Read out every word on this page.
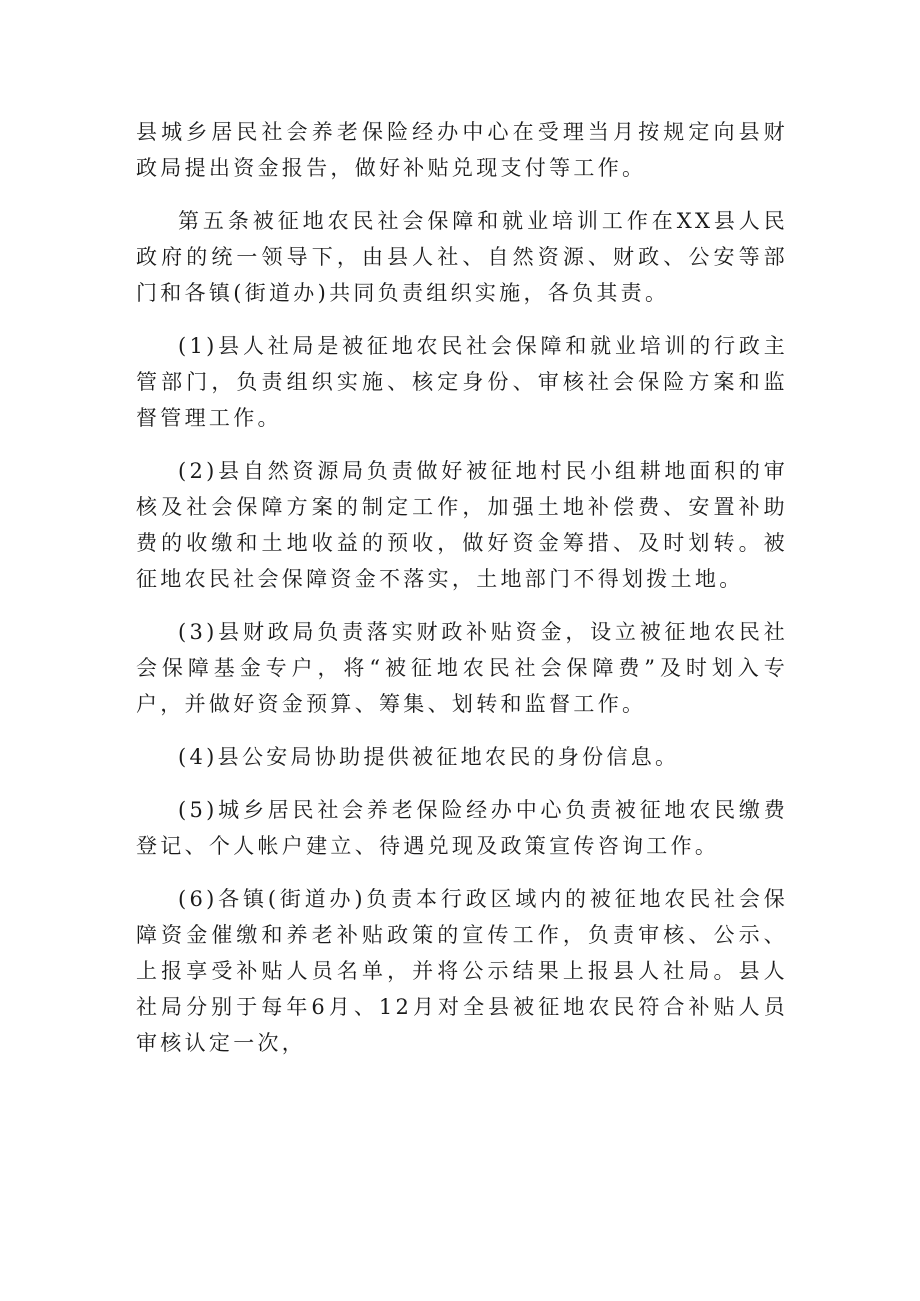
县城乡居民社会养老保险经办中心在受理当月按规定向县财政局提出资金报告，做好补贴兑现支付等工作。

第五条被征地农民社会保障和就业培训工作在XX县人民政府的统一领导下，由县人社、自然资源、财政、公安等部门和各镇(街道办)共同负责组织实施，各负其责。

(1)县人社局是被征地农民社会保障和就业培训的行政主管部门，负责组织实施、核定身份、审核社会保险方案和监督管理工作。

(2)县自然资源局负责做好被征地村民小组耕地面积的审核及社会保障方案的制定工作，加强土地补偿费、安置补助费的收缴和土地收益的预收，做好资金筹措、及时划转。被征地农民社会保障资金不落实，土地部门不得划拨土地。

(3)县财政局负责落实财政补贴资金，设立被征地农民社会保障基金专户，将“被征地农民社会保障费”及时划入专户，并做好资金预算、筹集、划转和监督工作。

(4)县公安局协助提供被征地农民的身份信息。

(5)城乡居民社会养老保险经办中心负责被征地农民缴费登记、个人帐户建立、待遇兑现及政策宣传咨询工作。

(6)各镇(街道办)负责本行政区域内的被征地农民社会保障资金催缴和养老补贴政策的宣传工作，负责审核、公示、上报享受补贴人员名单，并将公示结果上报县人社局。县人社局分别于每年6月、12月对全县被征地农民符合补贴人员审核认定一次，
